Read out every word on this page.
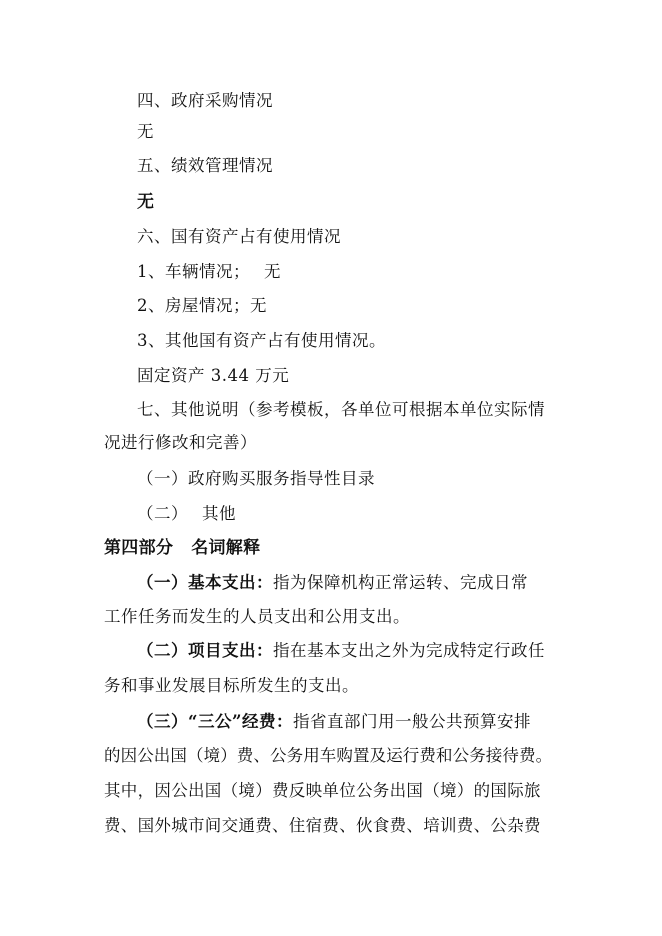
四、政府采购情况
无
五、绩效管理情况
无
六、国有资产占有使用情况
1、车辆情况； 无
2、房屋情况；无
3、其他国有资产占有使用情况。
固定资产 3.44 万元
七、其他说明（参考模板，各单位可根据本单位实际情
况进行修改和完善）
（一）政府购买服务指导性目录
（二） 其他
第四部分 名词解释
（一）基本支出：指为保障机构正常运转、完成日常
工作任务而发生的人员支出和公用支出。
（二）项目支出：指在基本支出之外为完成特定行政任
务和事业发展目标所发生的支出。
（三）“三公”经费：指省直部门用一般公共预算安排
的因公出国（境）费、公务用车购置及运行费和公务接待费。
其中，因公出国（境）费反映单位公务出国（境）的国际旅
费、国外城市间交通费、住宿费、伙食费、培训费、公杂费
